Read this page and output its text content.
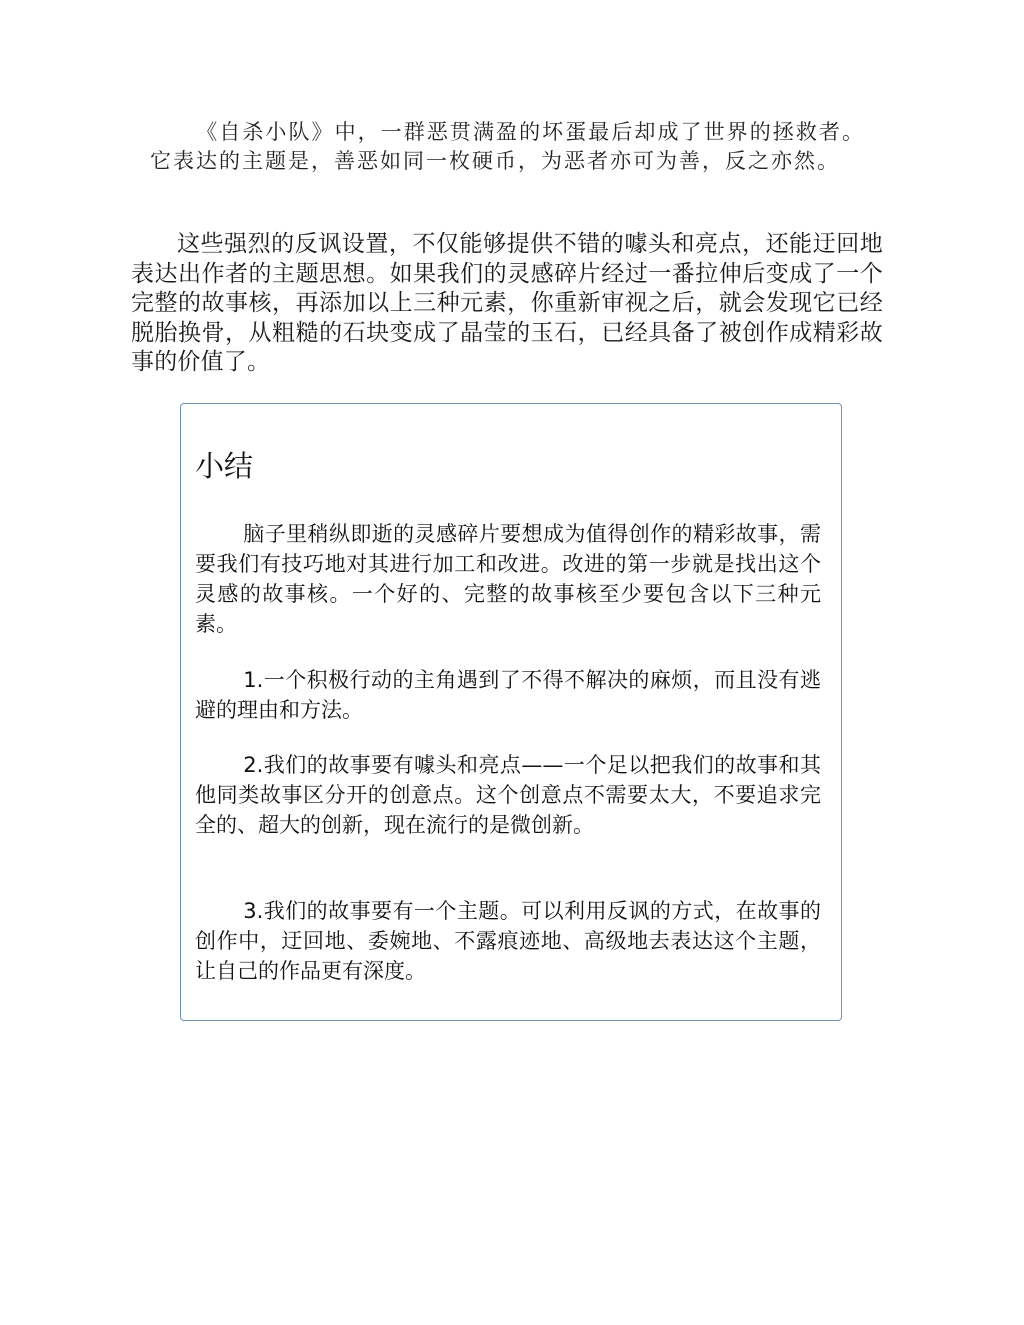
《自杀小队》中，一群恶贯满盈的坏蛋最后却成了世界的拯救者。它表达的主题是，善恶如同一枚硬币，为恶者亦可为善，反之亦然。

这些强烈的反讽设置，不仅能够提供不错的噱头和亮点，还能迂回地表达出作者的主题思想。如果我们的灵感碎片经过一番拉伸后变成了一个完整的故事核，再添加以上三种元素，你重新审视之后，就会发现它已经脱胎换骨，从粗糙的石块变成了晶莹的玉石，已经具备了被创作成精彩故事的价值了。

小结

脑子里稍纵即逝的灵感碎片要想成为值得创作的精彩故事，需要我们有技巧地对其进行加工和改进。改进的第一步就是找出这个灵感的故事核。一个好的、完整的故事核至少要包含以下三种元素。

1.一个积极行动的主角遇到了不得不解决的麻烦，而且没有逃避的理由和方法。

2.我们的故事要有噱头和亮点——一个足以把我们的故事和其他同类故事区分开的创意点。这个创意点不需要太大，不要追求完全的、超大的创新，现在流行的是微创新。

3.我们的故事要有一个主题。可以利用反讽的方式，在故事的创作中，迂回地、委婉地、不露痕迹地、高级地去表达这个主题，让自己的作品更有深度。
